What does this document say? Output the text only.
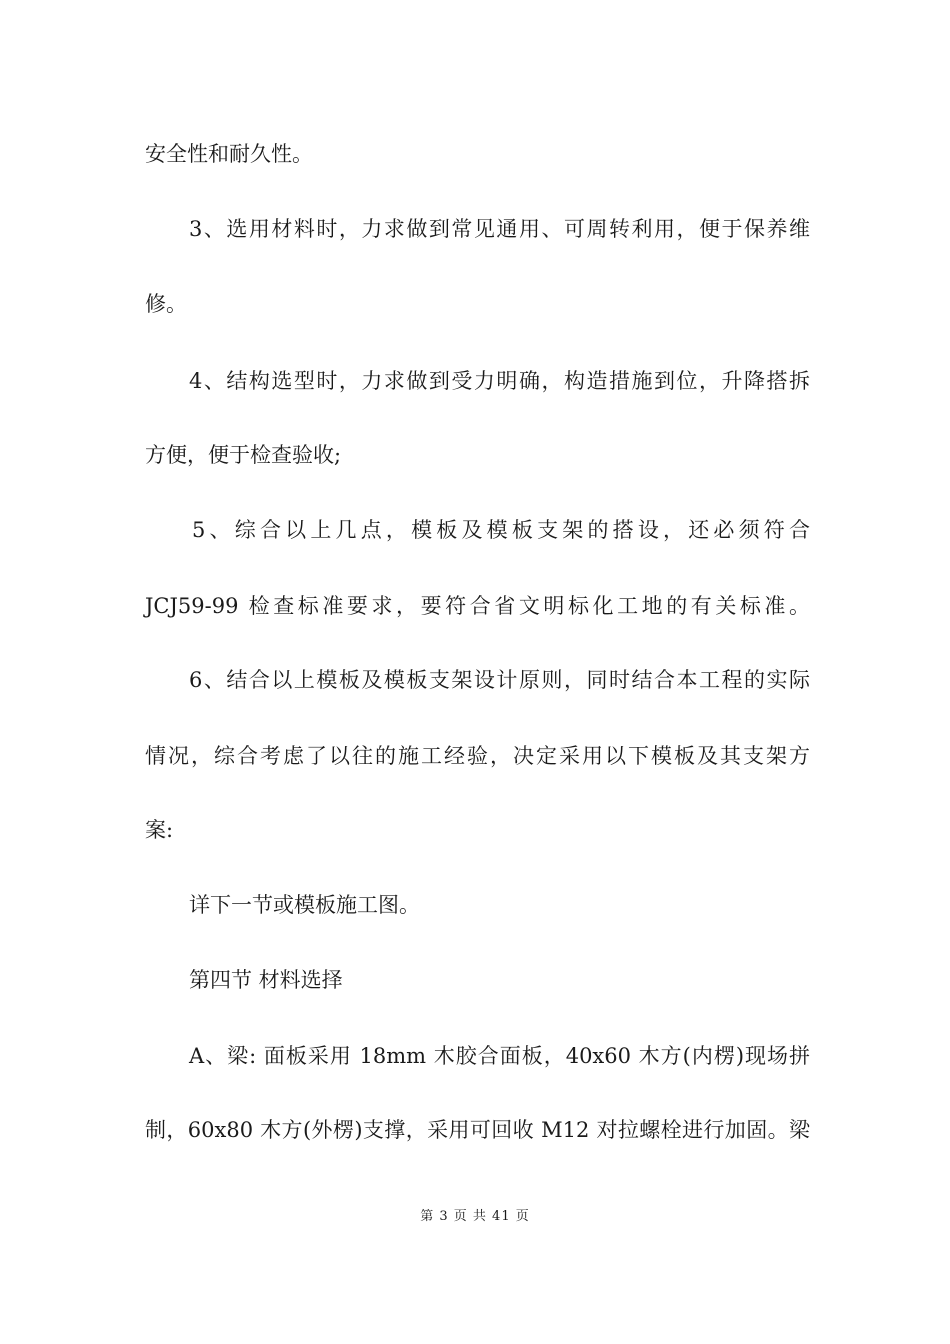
安全性和耐久性。
3、选用材料时，力求做到常见通用、可周转利用，便于保养维
修。
4、结构选型时，力求做到受力明确，构造措施到位，升降搭拆
方便，便于检查验收;
5、综合以上几点，模板及模板支架的搭设，还必须符合
JCJ59-99 检查标准要求，要符合省文明标化工地的有关标准。
6、结合以上模板及模板支架设计原则，同时结合本工程的实际
情况，综合考虑了以往的施工经验，决定采用以下模板及其支架方
案:
详下一节或模板施工图。
第四节 材料选择
A、梁: 面板采用 18mm 木胶合面板，40x60 木方(内楞)现场拼
制，60x80 木方(外楞)支撑，采用可回收 M12 对拉螺栓进行加固。梁
第 3 页 共 41 页
